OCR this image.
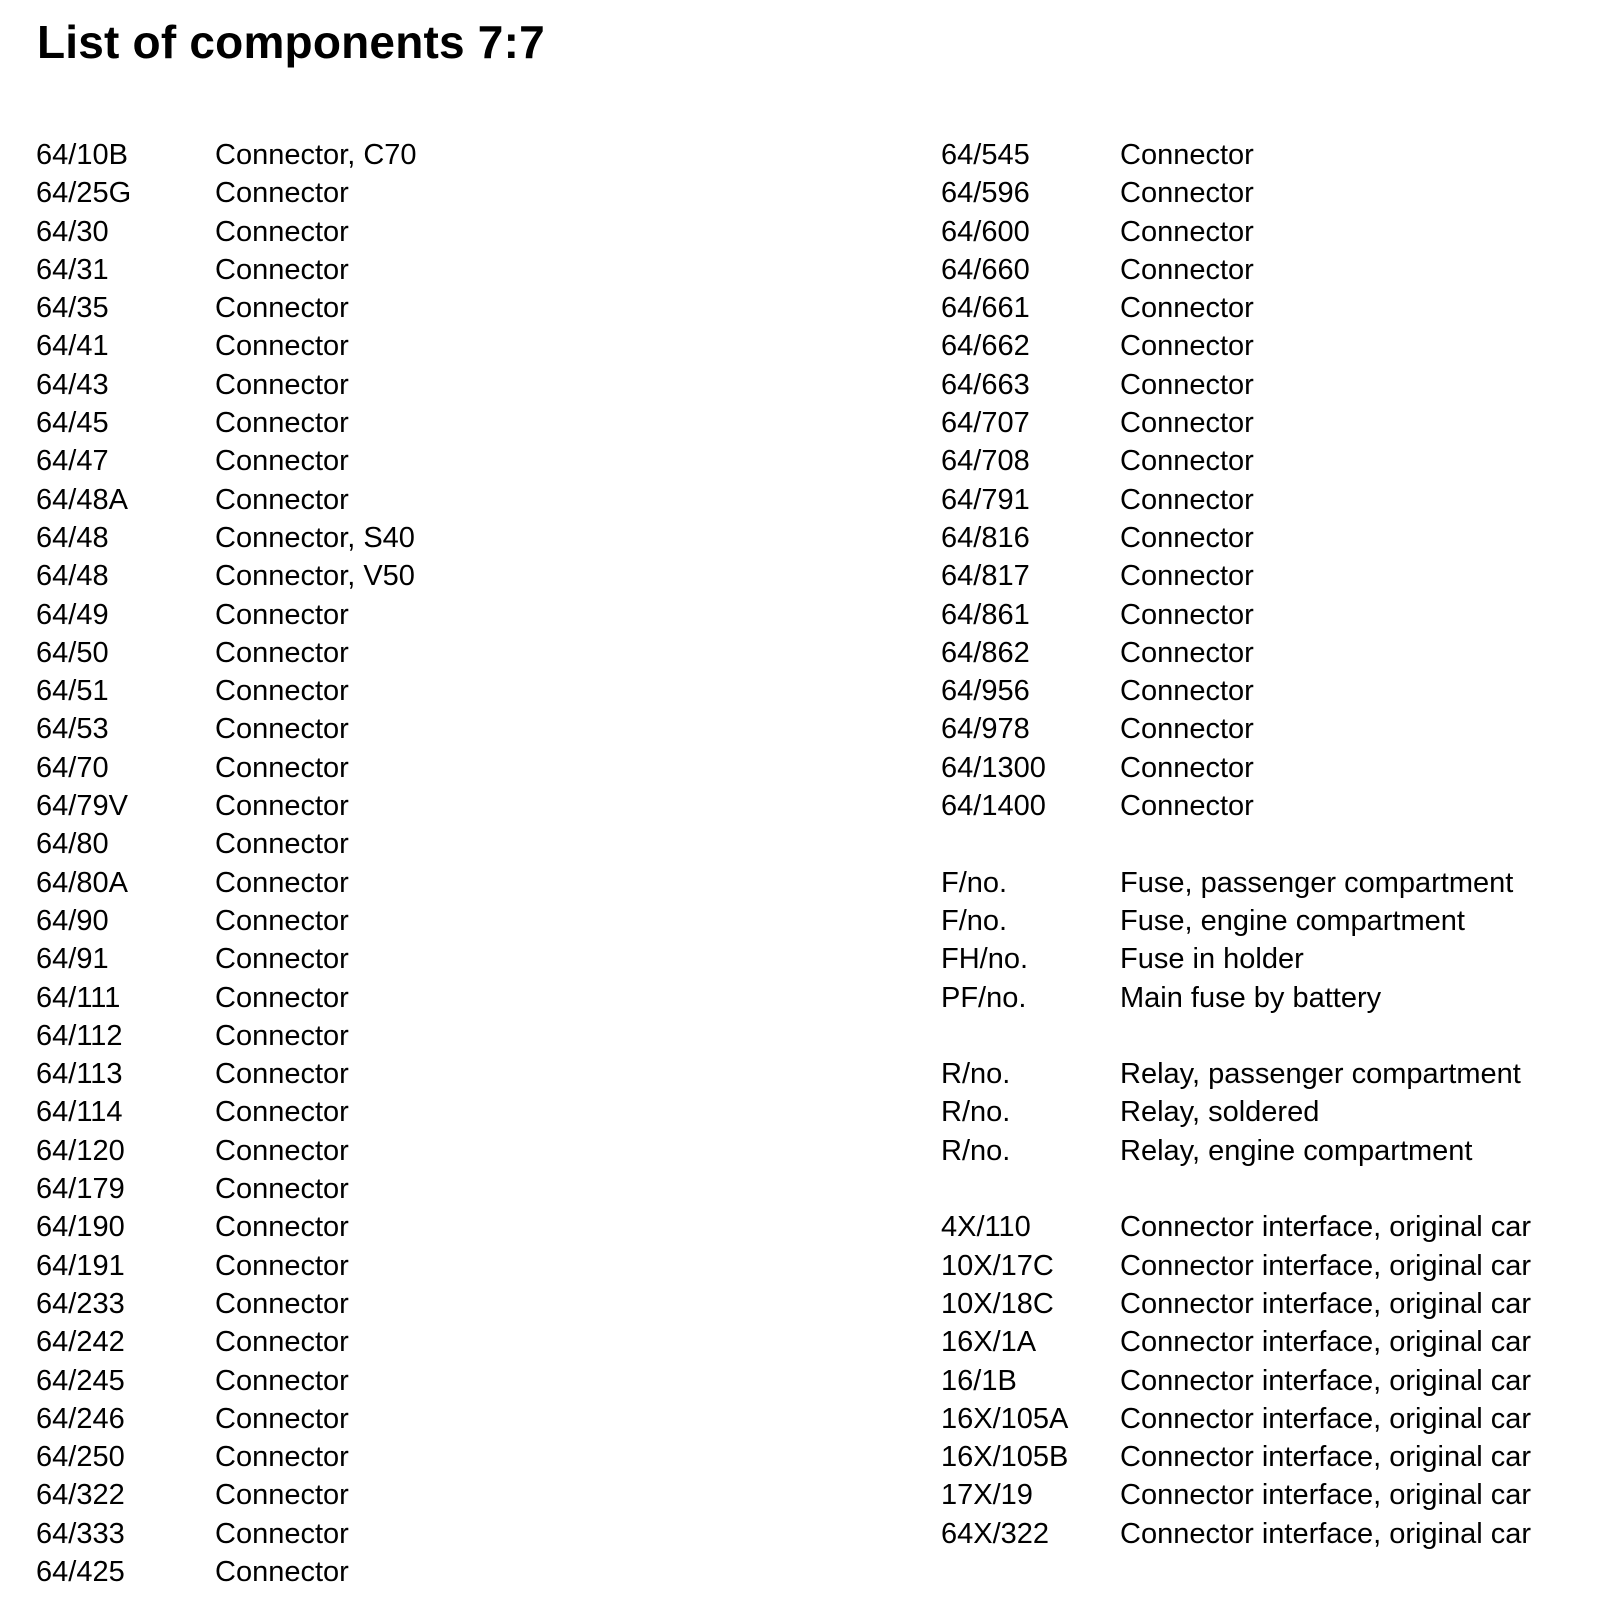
List of components 7:7
64/10B	Connector, C70
64/25G	Connector
64/30	Connector
64/31	Connector
64/35	Connector
64/41	Connector
64/43	Connector
64/45	Connector
64/47	Connector
64/48A	Connector
64/48	Connector, S40
64/48	Connector, V50
64/49	Connector
64/50	Connector
64/51	Connector
64/53	Connector
64/70	Connector
64/79V	Connector
64/80	Connector
64/80A	Connector
64/90	Connector
64/91	Connector
64/111	Connector
64/112	Connector
64/113	Connector
64/114	Connector
64/120	Connector
64/179	Connector
64/190	Connector
64/191	Connector
64/233	Connector
64/242	Connector
64/245	Connector
64/246	Connector
64/250	Connector
64/322	Connector
64/333	Connector
64/425	Connector
64/545	Connector
64/596	Connector
64/600	Connector
64/660	Connector
64/661	Connector
64/662	Connector
64/663	Connector
64/707	Connector
64/708	Connector
64/791	Connector
64/816	Connector
64/817	Connector
64/861	Connector
64/862	Connector
64/956	Connector
64/978	Connector
64/1300	Connector
64/1400	Connector
F/no.	Fuse, passenger compartment
F/no.	Fuse, engine compartment
FH/no.	Fuse in holder
PF/no.	Main fuse by battery
R/no.	Relay, passenger compartment
R/no.	Relay, soldered
R/no.	Relay, engine compartment
4X/110	Connector interface, original car
10X/17C Connector interface, original car
10X/18C Connector interface, original car
16X/1A	Connector interface, original car
16/1B	Connector interface, original car
16X/105A Connector interface, original car
16X/105B Connector interface, original car
17X/19	Connector interface, original car
64X/322 Connector interface, original car
